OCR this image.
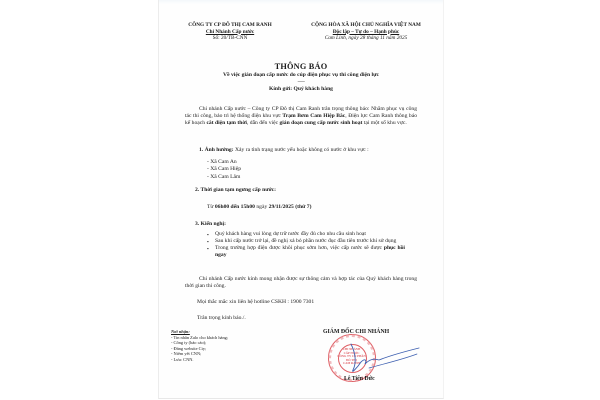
CÔNG TY CP ĐÔ THỊ CAM RANH
Chi Nhánh Cấp nước
Số: 20/TB-CNN
CỘNG HÒA XÃ HỘI CHỦ NGHĨA VIỆT NAM
Độc lập – Tự do – Hạnh phúc
Cam Linh, ngày 28 tháng 11 năm 2025
THÔNG BÁO
Về việc gián đoạn cấp nước do cúp điện phục vụ thi công điện lực
-------
Kính gửi: Quý khách hàng
Chi nhánh Cấp nước – Công ty CP Đô thị Cam Ranh trân trọng thông báo: Nhằm phục vụ công tác thi công, bảo trì hệ thống điện khu vực Trạm Bơm Cam Hiệp Bắc, Điện lực Cam Ranh thông báo kế hoạch cắt điện tạm thời, dẫn đến việc gián đoạn cung cấp nước sinh hoạt tại một số khu vực.
1. Ảnh hưởng: Xảy ra tình trạng nước yếu hoặc không có nước ở khu vực :
- Xã Cam An
- Xã Cam Hiệp
- Xã Cam Lâm
2. Thời gian tạm ngưng cấp nước:
Từ 06h00 đến 15h00 ngày 29/11/2025 (thứ 7)
3. Kiến nghị:
▪ Quý khách hàng vui lòng dự trữ nước đầy đủ cho nhu cầu sinh hoạt
▪ Sau khi cấp nước trở lại, đề nghị xả bỏ phần nước đục đầu tiên trước khi sử dụng
▪ Trong trường hợp điện được khôi phục sớm hơn, việc cấp nước sẽ được phục hồi ngay
Chi nhánh Cấp nước kính mong nhận được sự thông cảm và hợp tác của Quý khách hàng trong thời gian thi công.
Mọi thắc mắc xin liên hệ hotline CSKH : 1900 7301
Trân trọng kính báo./.
Nơi nhận:
- Tin nhắn Zalo cho khách hàng;
- Công ty (báo cáo);
- Đăng website Cty;
- Niêm yết CNN;
- Lưu: CNN.
GIÁM ĐỐC CHI NHÁNH
CHI NHÁNH
CẤP NƯỚC
CÔNG TY CỔ PHẦN
ĐÔ THỊ
CAM RANH
Lê Tiến Đức
